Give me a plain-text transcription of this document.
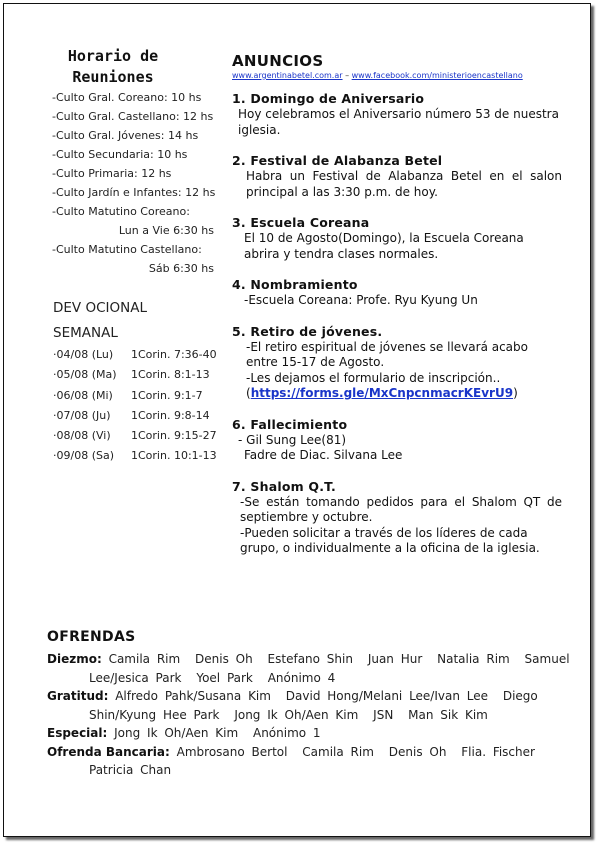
Horario de
Reuniones
-Culto Gral. Coreano: 10 hs
-Culto Gral. Castellano: 12 hs
-Culto Gral. Jóvenes: 14 hs
-Culto Secundaria: 10 hs
-Culto Primaria: 12 hs
-Culto Jardín e Infantes: 12 hs
-Culto Matutino Coreano:
Lun a Vie 6:30 hs
-Culto Matutino Castellano:
Sáb 6:30 hs
DEV OCIONAL
SEMANAL
·04/08 (Lu) 1Corin. 7:36-40
·05/08 (Ma) 1Corin. 8:1-13
·06/08 (Mi) 1Corin. 9:1-7
·07/08 (Ju) 1Corin. 9:8-14
·08/08 (Vi) 1Corin. 9:15-27
·09/08 (Sa) 1Corin. 10:1-13
ANUNCIOS
www.argentinabetel.com.ar – www.facebook.com/ministerioencastellano
1. Domingo de Aniversario

Hoy celebramos el Aniversario número 53 de nuestra iglesia.

2. Festival de Alabanza Betel

Habra un Festival de Alabanza Betel en el salon principal a las 3:30 p.m. de hoy.

3. Escuela Coreana

El 10 de Agosto(Domingo), la Escuela Coreana abrira y tendra clases normales.

4. Nombramiento

-Escuela Coreana: Profe. Ryu Kyung Un

5. Retiro de jóvenes.

-El retiro espiritual de jóvenes se llevará acabo entre 15-17 de Agosto.

-Les dejamos el formulario de inscripción..

(https://forms.gle/MxCnpcnmacrKEvrU9)

6. Fallecimiento

- Gil Sung Lee(81)

Fadre de Diac. Silvana Lee

7. Shalom Q.T.

-Se están tomando pedidos para el Shalom QT de septiembre y octubre.

-Pueden solicitar a través de los líderes de cada grupo, o individualmente a la oficina de la iglesia.

OFRENDAS
Diezmo: Camila Rim Denis Oh Estefano Shin Juan Hur Natalia Rim Samuel Lee/Jesica Park Yoel Park Anónimo 4
Gratitud: Alfredo Pahk/Susana Kim David Hong/Melani Lee/Ivan Lee Diego Shin/Kyung Hee Park Jong Ik Oh/Aen Kim JSN Man Sik Kim
Especial: Jong Ik Oh/Aen Kim Anónimo 1
Ofrenda Bancaria: Ambrosano Bertol Camila Rim Denis Oh Flia. Fischer Patricia Chan
